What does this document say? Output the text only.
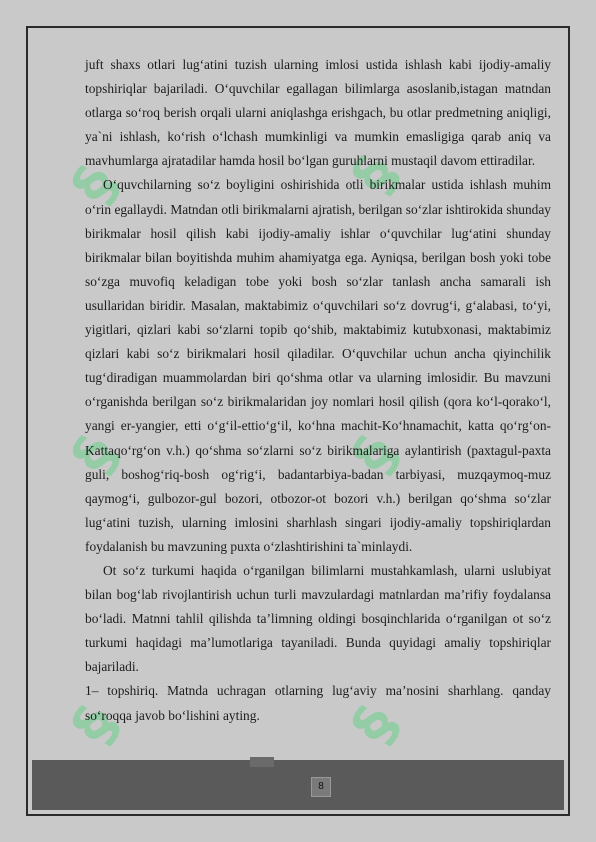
§	§
§	§
§	§

juft shaxs otlari lug‘atini tuzish ularning imlosi ustida ishlash kabi ijodiy-amaliy topshiriqlar bajariladi. O‘quvchilar egallagan bilimlarga asoslanib,istagan matndan otlarga so‘roq berish orqali ularni aniqlashga erishgach, bu otlar predmetning aniqligi, ya`ni ishlash, ko‘rish o‘lchash mumkinligi va mumkin emasligiga qarab aniq va mavhumlarga ajratadilar hamda hosil bo‘lgan guruhlarni mustaqil davom ettiradilar.

O‘quvchilarning so‘z boyligini oshirishida otli birikmalar ustida ishlash muhim o‘rin egallaydi. Matndan otli birikmalarni ajratish, berilgan so‘zlar ishtirokida shunday birikmalar hosil qilish kabi ijodiy-amaliy ishlar o‘quvchilar lug‘atini shunday birikmalar bilan boyitishda muhim ahamiyatga ega. Ayniqsa, berilgan bosh yoki tobe so‘zga muvofiq keladigan tobe yoki bosh so‘zlar tanlash ancha samarali ish usullaridan biridir. Masalan, maktabimiz o‘quvchilari so‘z dovrug‘i, g‘alabasi, to‘yi, yigitlari, qizlari kabi so‘zlarni topib qo‘shib, maktabimiz kutubxonasi, maktabimiz qizlari kabi so‘z birikmalari hosil qiladilar. O‘quvchilar uchun ancha qiyinchilik tug‘diradigan muammolardan biri qo‘shma otlar va ularning imlosidir. Bu mavzuni o‘rganishda berilgan so‘z birikmalaridan joy nomlari hosil qilish (qora ko‘l-qorako‘l, yangi er-yangier, etti o‘g‘il-ettio‘g‘il, ko‘hna machit-Ko‘hnamachit, katta qo‘rg‘on-Kattaqo‘rg‘on v.h.) qo‘shma so‘zlarni so‘z birikmalariga aylantirish (paxtagul-paxta guli, boshog‘riq-bosh og‘rig‘i, badantarbiya-badan tarbiyasi, muzqaymoq-muz qaymog‘i, gulbozor-gul bozori, otbozor-ot bozori v.h.) berilgan qo‘shma so‘zlar lug‘atini tuzish, ularning imlosini sharhlash singari ijodiy-amaliy topshiriqlardan foydalanish bu mavzuning puxta o‘zlashtirishini ta`minlaydi.

Ot so‘z turkumi haqida o‘rganilgan bilimlarni mustahkamlash, ularni uslubiyat bilan bog‘lab rivojlantirish uchun turli mavzulardagi matnlardan ma’rifiy foydalansa bo‘ladi. Matnni tahlil qilishda ta’limning oldingi bosqinchlarida o‘rganilgan ot so‘z turkumi haqidagi ma’lumotlariga tayaniladi. Bunda quyidagi amaliy topshiriqlar bajariladi.

1– topshiriq. Matnda uchragan otlarning lug‘aviy ma’nosini sharhlang. qanday so‘roqqa javob bo‘lishini ayting.

8
